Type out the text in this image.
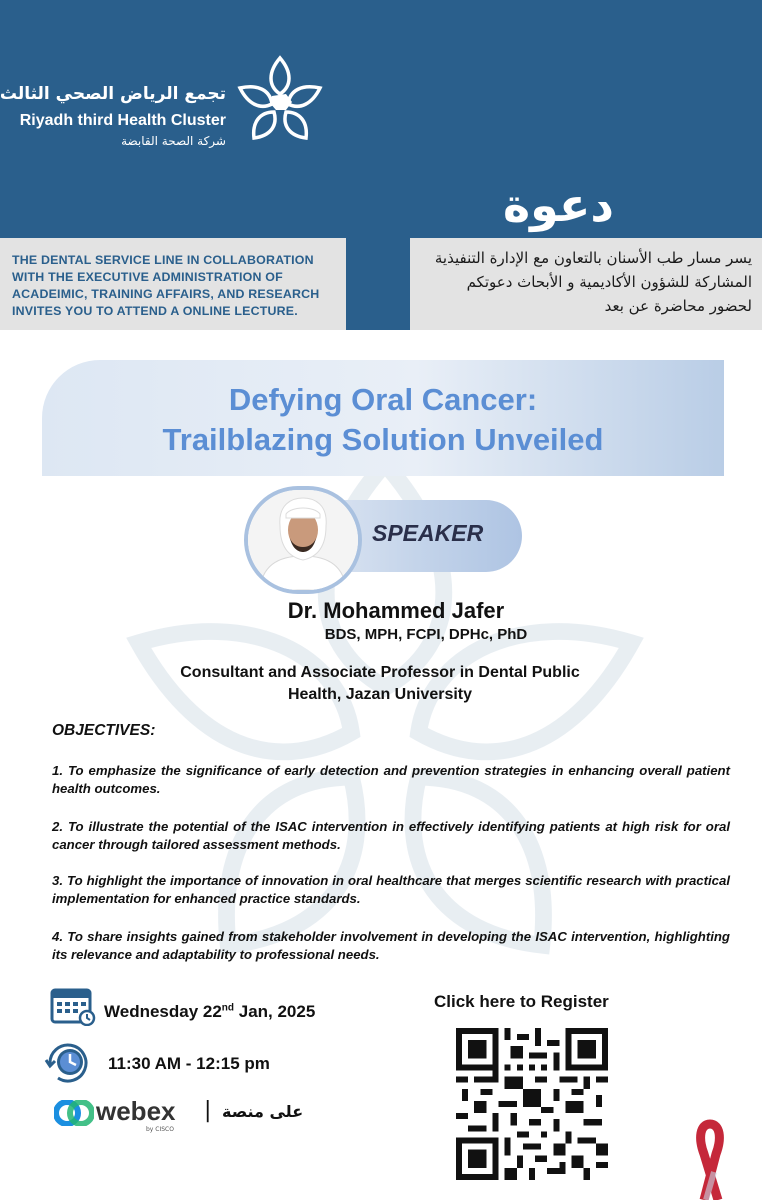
تجمع الرياض الصحي الثالث
Riyadh third Health Cluster
شركة الصحة القابضة
دعوة

THE DENTAL SERVICE LINE IN COLLABORATION WITH THE EXECUTIVE ADMINISTRATION OF ACADEIMIC, TRAINING AFFAIRS, AND RESEARCH INVITES YOU TO ATTEND A ONLINE LECTURE.

يسر مسار طب الأسنان بالتعاون مع الإدارة التنفيذية المشاركة للشؤون الأكاديمية و الأبحاث دعوتكم لحضور محاضرة عن بعد

Defying Oral Cancer:
Trailblazing Solution Unveiled
SPEAKER
Dr. Mohammed Jafer
BDS, MPH, FCPI, DPHc, PhD
Consultant and Associate Professor in Dental Public Health, Jazan University
OBJECTIVES:
1. To emphasize the significance of early detection and prevention strategies in enhancing overall patient health outcomes.
2. To illustrate the potential of the ISAC intervention in effectively identifying patients at high risk for oral cancer through tailored assessment methods.
3. To highlight the importance of innovation in oral healthcare that merges scientific research with practical implementation for enhanced practice standards.
4. To share insights gained from stakeholder involvement in developing the ISAC intervention, highlighting its relevance and adaptability to professional needs.
Wednesday 22nd Jan, 2025
11:30 AM - 12:15 pm
webex
by CISCO
| على منصة
Click here to Register
